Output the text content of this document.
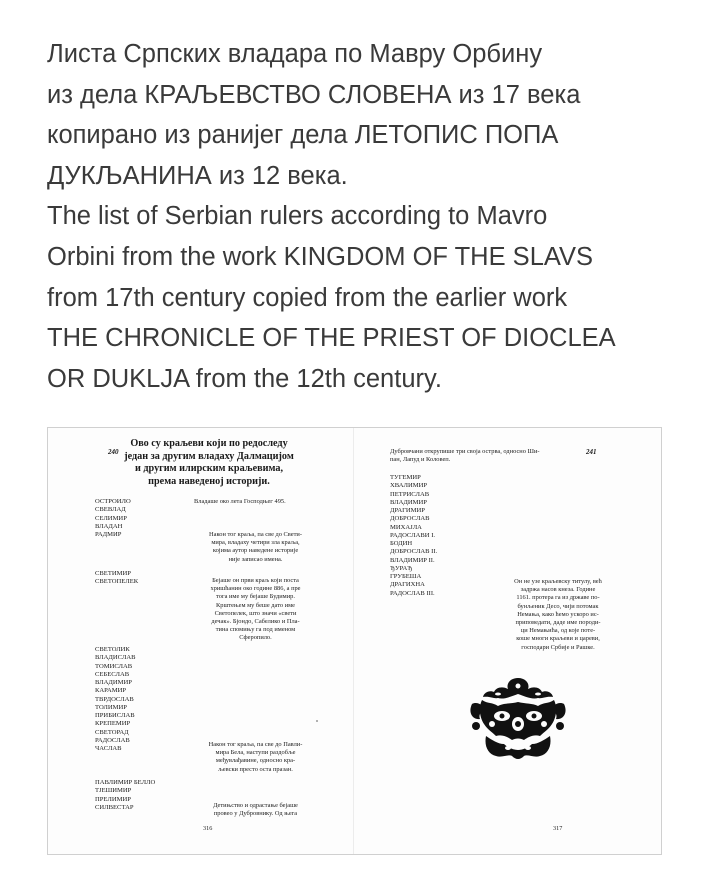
Листа Српских владара по Мавру Орбину

из дела КРАЉЕВСТВО СЛОВЕНА из 17 века

копирано из ранијег дела ЛЕТОПИС ПОПА

ДУКЉАНИНА из 12 века.

The list of Serbian rulers according to Mavro

Orbini from the work KINGDOM OF THE SLAVS

from 17th century copied from the earlier work

THE CHRONICLE OF THE PRIEST OF DIOCLEA

OR DUKLJA from the 12th century.

240
Ово су краљеви који по редоследу
један за другим владаху Далмацијом
и другим илирским краљевима,
према наведеној историји.
ОСТРОИЛО
СВЕВЛАД
СЕЛИМИР
ВЛАДАН
РАДМИР
Владаше око лета Господњег 495.
Након тог краља, па све до Свети-
мира, владаху четири зла краља,
којима аутор наведене историје
није записао имена.
СВЕТИМИР
СВЕТОПЕЛЕК	Беjаше он први краљ који поста
хришћанин око године 886, а пре
тога име му беjаше Будимир.
Крштењем му беше дато име
Светопелек, што значи «свети
дечак». Бјондо, Сабелико и Пла-
тина спомињу га под именом
Сферопило.
СВЕТОЛИК
ВЛАДИСЛАВ
ТОМИСЛАВ
СЕБЕСЛАВ
ВЛАДИМИР
КАРАМИР
ТВРДОСЛАВ
ТОЛИМИР
ПРИБИСЛАВ
КРЕПЕМИР
СВЕТОРАД
РАДОСЛАВ
ЧАСЛАВ
Након тог краља, па све до Павли-
мира Бела, наступи раздобље
међувлађавине, односно кра-
љевски престо оста празан.
ПАВЛИМИР БЕЛЛО
ТЈЕШИМИР
ПРЕЛИМИР
СИЛВЕСТАР	Детињство и одрастање беjаше
провео у Дубровнику. Од њега
316
241
Дубровчани открупише три своја острва, односно Ши-
пан, Лапуд и Коловеп.
ТУГЕМИР
ХВАЛИМИР
ПЕТРИСЛАВ
ВЛАДИМИР
ДРАГИМИР
ДОБРОСЛАВ
МИХАЈЛА
РАДОСЛАВИ I.
БОДИН
ДОБРОСЛАВ II.
ВЛАДИМИР II.
ЂУРАЂ
ГРУБЕША
ДРАГИХНА
РАДОСЛАВ III.
Он не узе краљевску титулу, већ
задржа насов кнеза. Године
1161. протера га из државе по-
бунљеник Десо, чији потомак
Немања, како ћемо ускоро ис-
приповедати, даде име породи-
ци Немањића, од које потe-
коше многи краљеви и цареви,
господари Србије и Рашке.
317
